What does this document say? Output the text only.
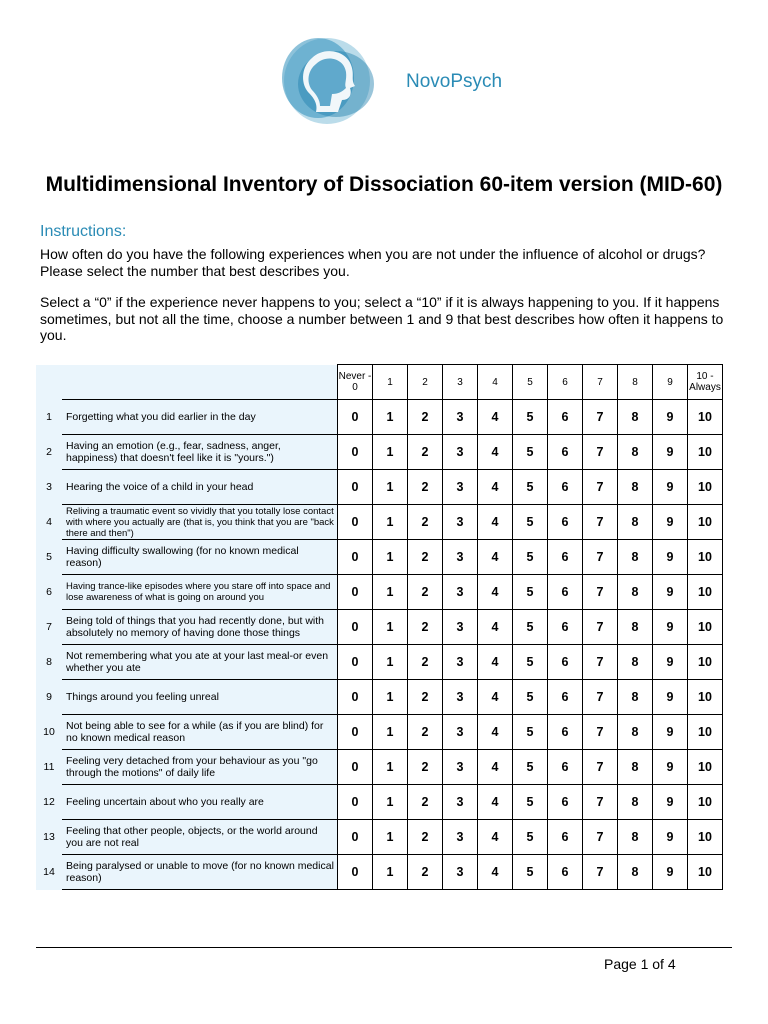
NovoPsych
Multidimensional Inventory of Dissociation 60-item version (MID-60)
Instructions:
How often do you have the following experiences when you are not under the influence of alcohol or drugs? Please select the number that best describes you.
Select a “0” if the experience never happens to you; select a “10” if it is always happening to you. If it happens sometimes, but not all the time, choose a number between 1 and 9 that best describes how often it happens to you.
		Never - 0	1	2	3	4	5	6	7	8	9	10 - Always
1	Forgetting what you did earlier in the day	0	1	2	3	4	5	6	7	8	9	10
2	Having an emotion (e.g., fear, sadness, anger, happiness) that doesn't feel like it is "yours.")	0	1	2	3	4	5	6	7	8	9	10
3	Hearing the voice of a child in your head	0	1	2	3	4	5	6	7	8	9	10
4	Reliving a traumatic event so vividly that you totally lose contact with where you actually are (that is, you think that you are "back there and then")	0	1	2	3	4	5	6	7	8	9	10
5	Having difficulty swallowing (for no known medical reason)	0	1	2	3	4	5	6	7	8	9	10
6	Having trance-like episodes where you stare off into space and lose awareness of what is going on around you	0	1	2	3	4	5	6	7	8	9	10
7	Being told of things that you had recently done, but with absolutely no memory of having done those things	0	1	2	3	4	5	6	7	8	9	10
8	Not remembering what you ate at your last meal-or even whether you ate	0	1	2	3	4	5	6	7	8	9	10
9	Things around you feeling unreal	0	1	2	3	4	5	6	7	8	9	10
10	Not being able to see for a while (as if you are blind) for no known medical reason	0	1	2	3	4	5	6	7	8	9	10
11	Feeling very detached from your behaviour as you "go through the motions" of daily life	0	1	2	3	4	5	6	7	8	9	10
12	Feeling uncertain about who you really are	0	1	2	3	4	5	6	7	8	9	10
13	Feeling that other people, objects, or the world around you are not real	0	1	2	3	4	5	6	7	8	9	10
14	Being paralysed or unable to move (for no known medical reason)	0	1	2	3	4	5	6	7	8	9	10
Page 1 of 4
